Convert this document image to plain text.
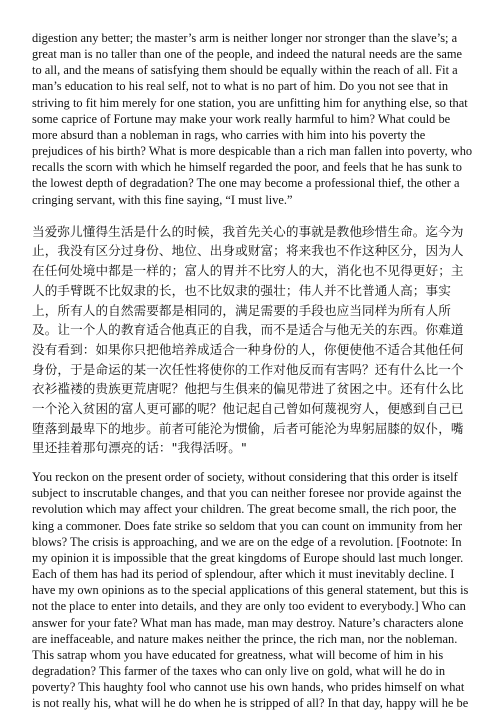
digestion any better; the master’s arm is neither longer nor stronger than the slave’s; a great man is no taller than one of the people, and indeed the natural needs are the same to all, and the means of satisfying them should be equally within the reach of all. Fit a man’s education to his real self, not to what is no part of him. Do you not see that in striving to fit him merely for one station, you are unfitting him for anything else, so that some caprice of Fortune may make your work really harmful to him? What could be more absurd than a nobleman in rags, who carries with him into his poverty the prejudices of his birth? What is more despicable than a rich man fallen into poverty, who recalls the scorn with which he himself regarded the poor, and feels that he has sunk to the lowest depth of degradation? The one may become a professional thief, the other a cringing servant, with this fine saying, “I must live.”

当爱弥儿懂得生活是什么的时候，我首先关心的事就是教他珍惜生命。迄今为止，我没有区分过身份、地位、出身或财富；将来我也不作这种区分，因为人在任何处境中都是一样的；富人的胃并不比穷人的大，消化也不见得更好；主人的手臂既不比奴隶的长，也不比奴隶的强壮；伟人并不比普通人高；事实上，所有人的自然需要都是相同的，满足需要的手段也应当同样为所有人所及。让一个人的教育适合他真正的自我，而不是适合与他无关的东西。你难道没有看到：如果你只把他培养成适合一种身份的人，你便使他不适合其他任何身份，于是命运的某一次任性将使你的工作对他反而有害吗？还有什么比一个衣衫褴褛的贵族更荒唐呢？他把与生俱来的偏见带进了贫困之中。还有什么比一个沦入贫困的富人更可鄙的呢？他记起自己曾如何蔑视穷人，便感到自己已堕落到最卑下的地步。前者可能沦为惯偷，后者可能沦为卑躬屈膝的奴仆，嘴里还挂着那句漂亮的话："我得活呀。"

You reckon on the present order of society, without considering that this order is itself subject to inscrutable changes, and that you can neither foresee nor provide against the revolution which may affect your children. The great become small, the rich poor, the king a commoner. Does fate strike so seldom that you can count on immunity from her blows? The crisis is approaching, and we are on the edge of a revolution. [Footnote: In my opinion it is impossible that the great kingdoms of Europe should last much longer. Each of them has had its period of splendour, after which it must inevitably decline. I have my own opinions as to the special applications of this general statement, but this is not the place to enter into details, and they are only too evident to everybody.] Who can answer for your fate? What man has made, man may destroy. Nature’s characters alone are ineffaceable, and nature makes neither the prince, the rich man, nor the nobleman. This satrap whom you have educated for greatness, what will become of him in his degradation? This farmer of the taxes who can only live on gold, what will he do in poverty? This haughty fool who cannot use his own hands, who prides himself on what is not really his, what will he do when he is stripped of all? In that day, happy will he be
